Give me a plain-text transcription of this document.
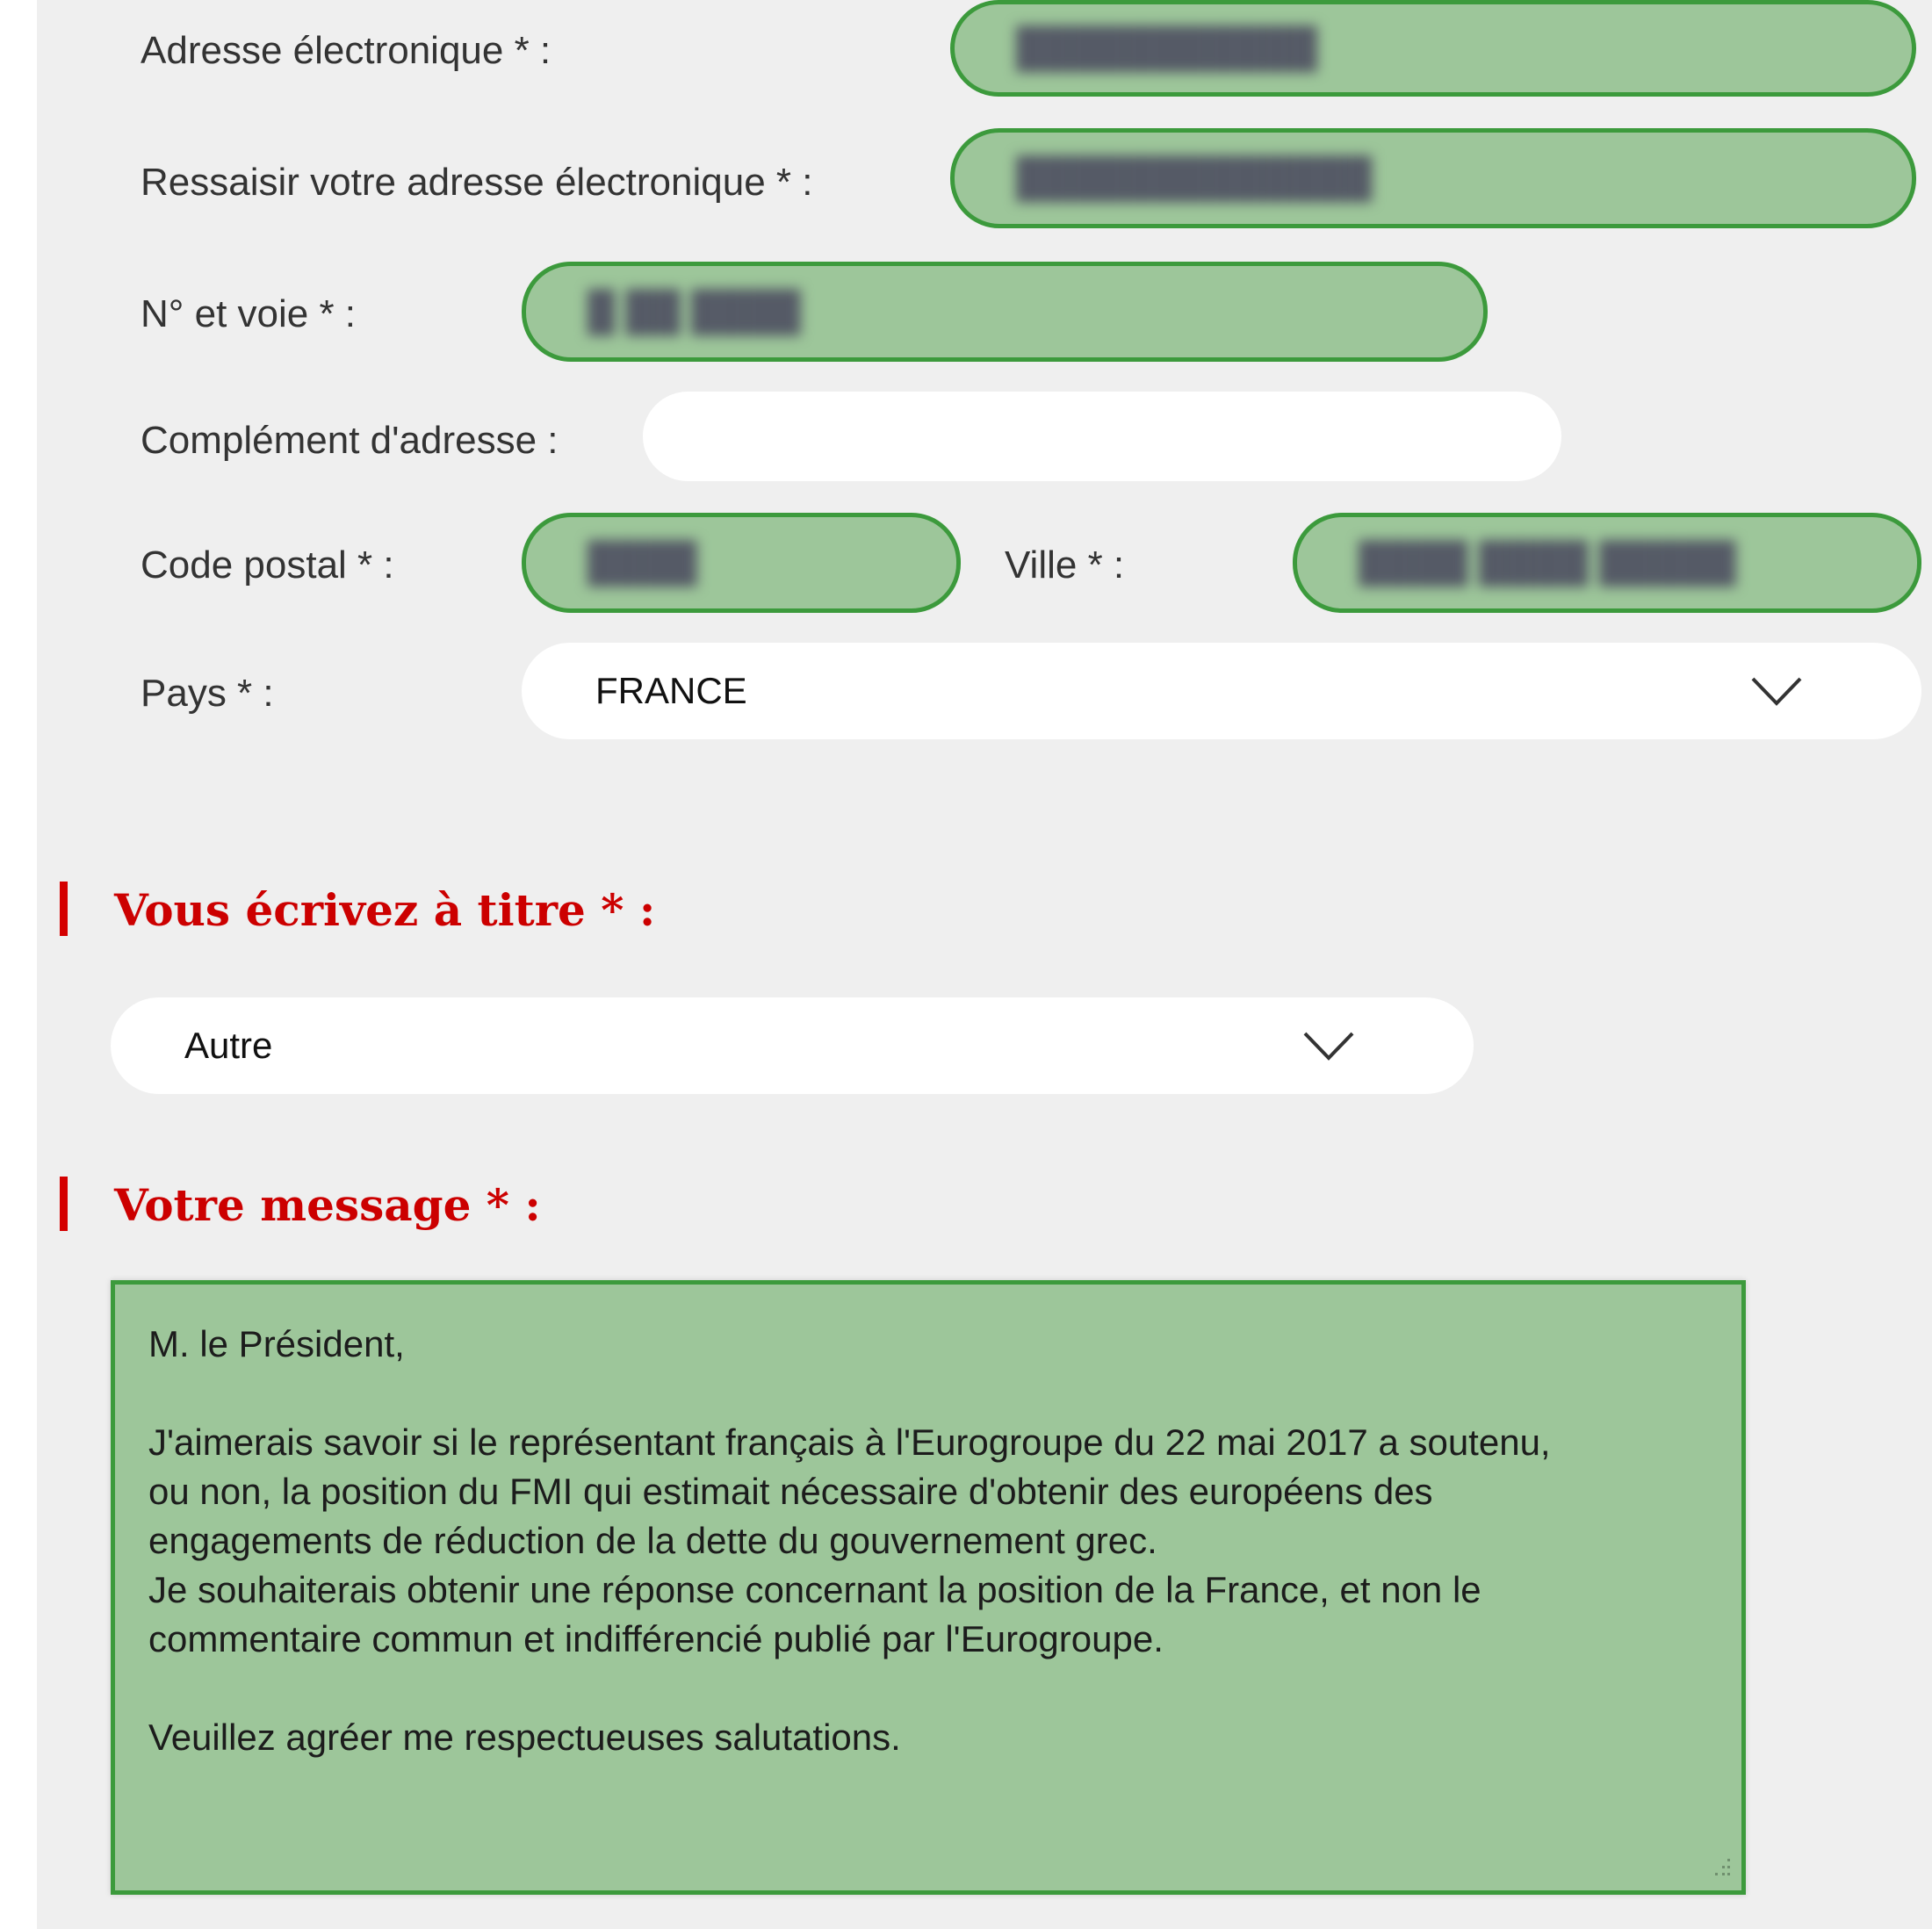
Adresse électronique * :	███████████
Ressaisir votre adresse électronique * :	█████████████
N° et voie * :	█ ██ ████
Complément d'adresse :
Code postal * :	████	Ville * :	████ ████ █████
Pays * :	FRANCE
Vous écrivez à titre * :
Autre
Votre message * :
M. le Président,
J'aimerais savoir si le représentant français à l'Eurogroupe du 22 mai 2017 a soutenu,
ou non, la position du FMI qui estimait nécessaire d'obtenir des européens des
engagements de réduction de la dette du gouvernement grec.
Je souhaiterais obtenir une réponse concernant la position de la France, et non le
commentaire commun et indifférencié publié par l'Eurogroupe.
Veuillez agréer me respectueuses salutations.
